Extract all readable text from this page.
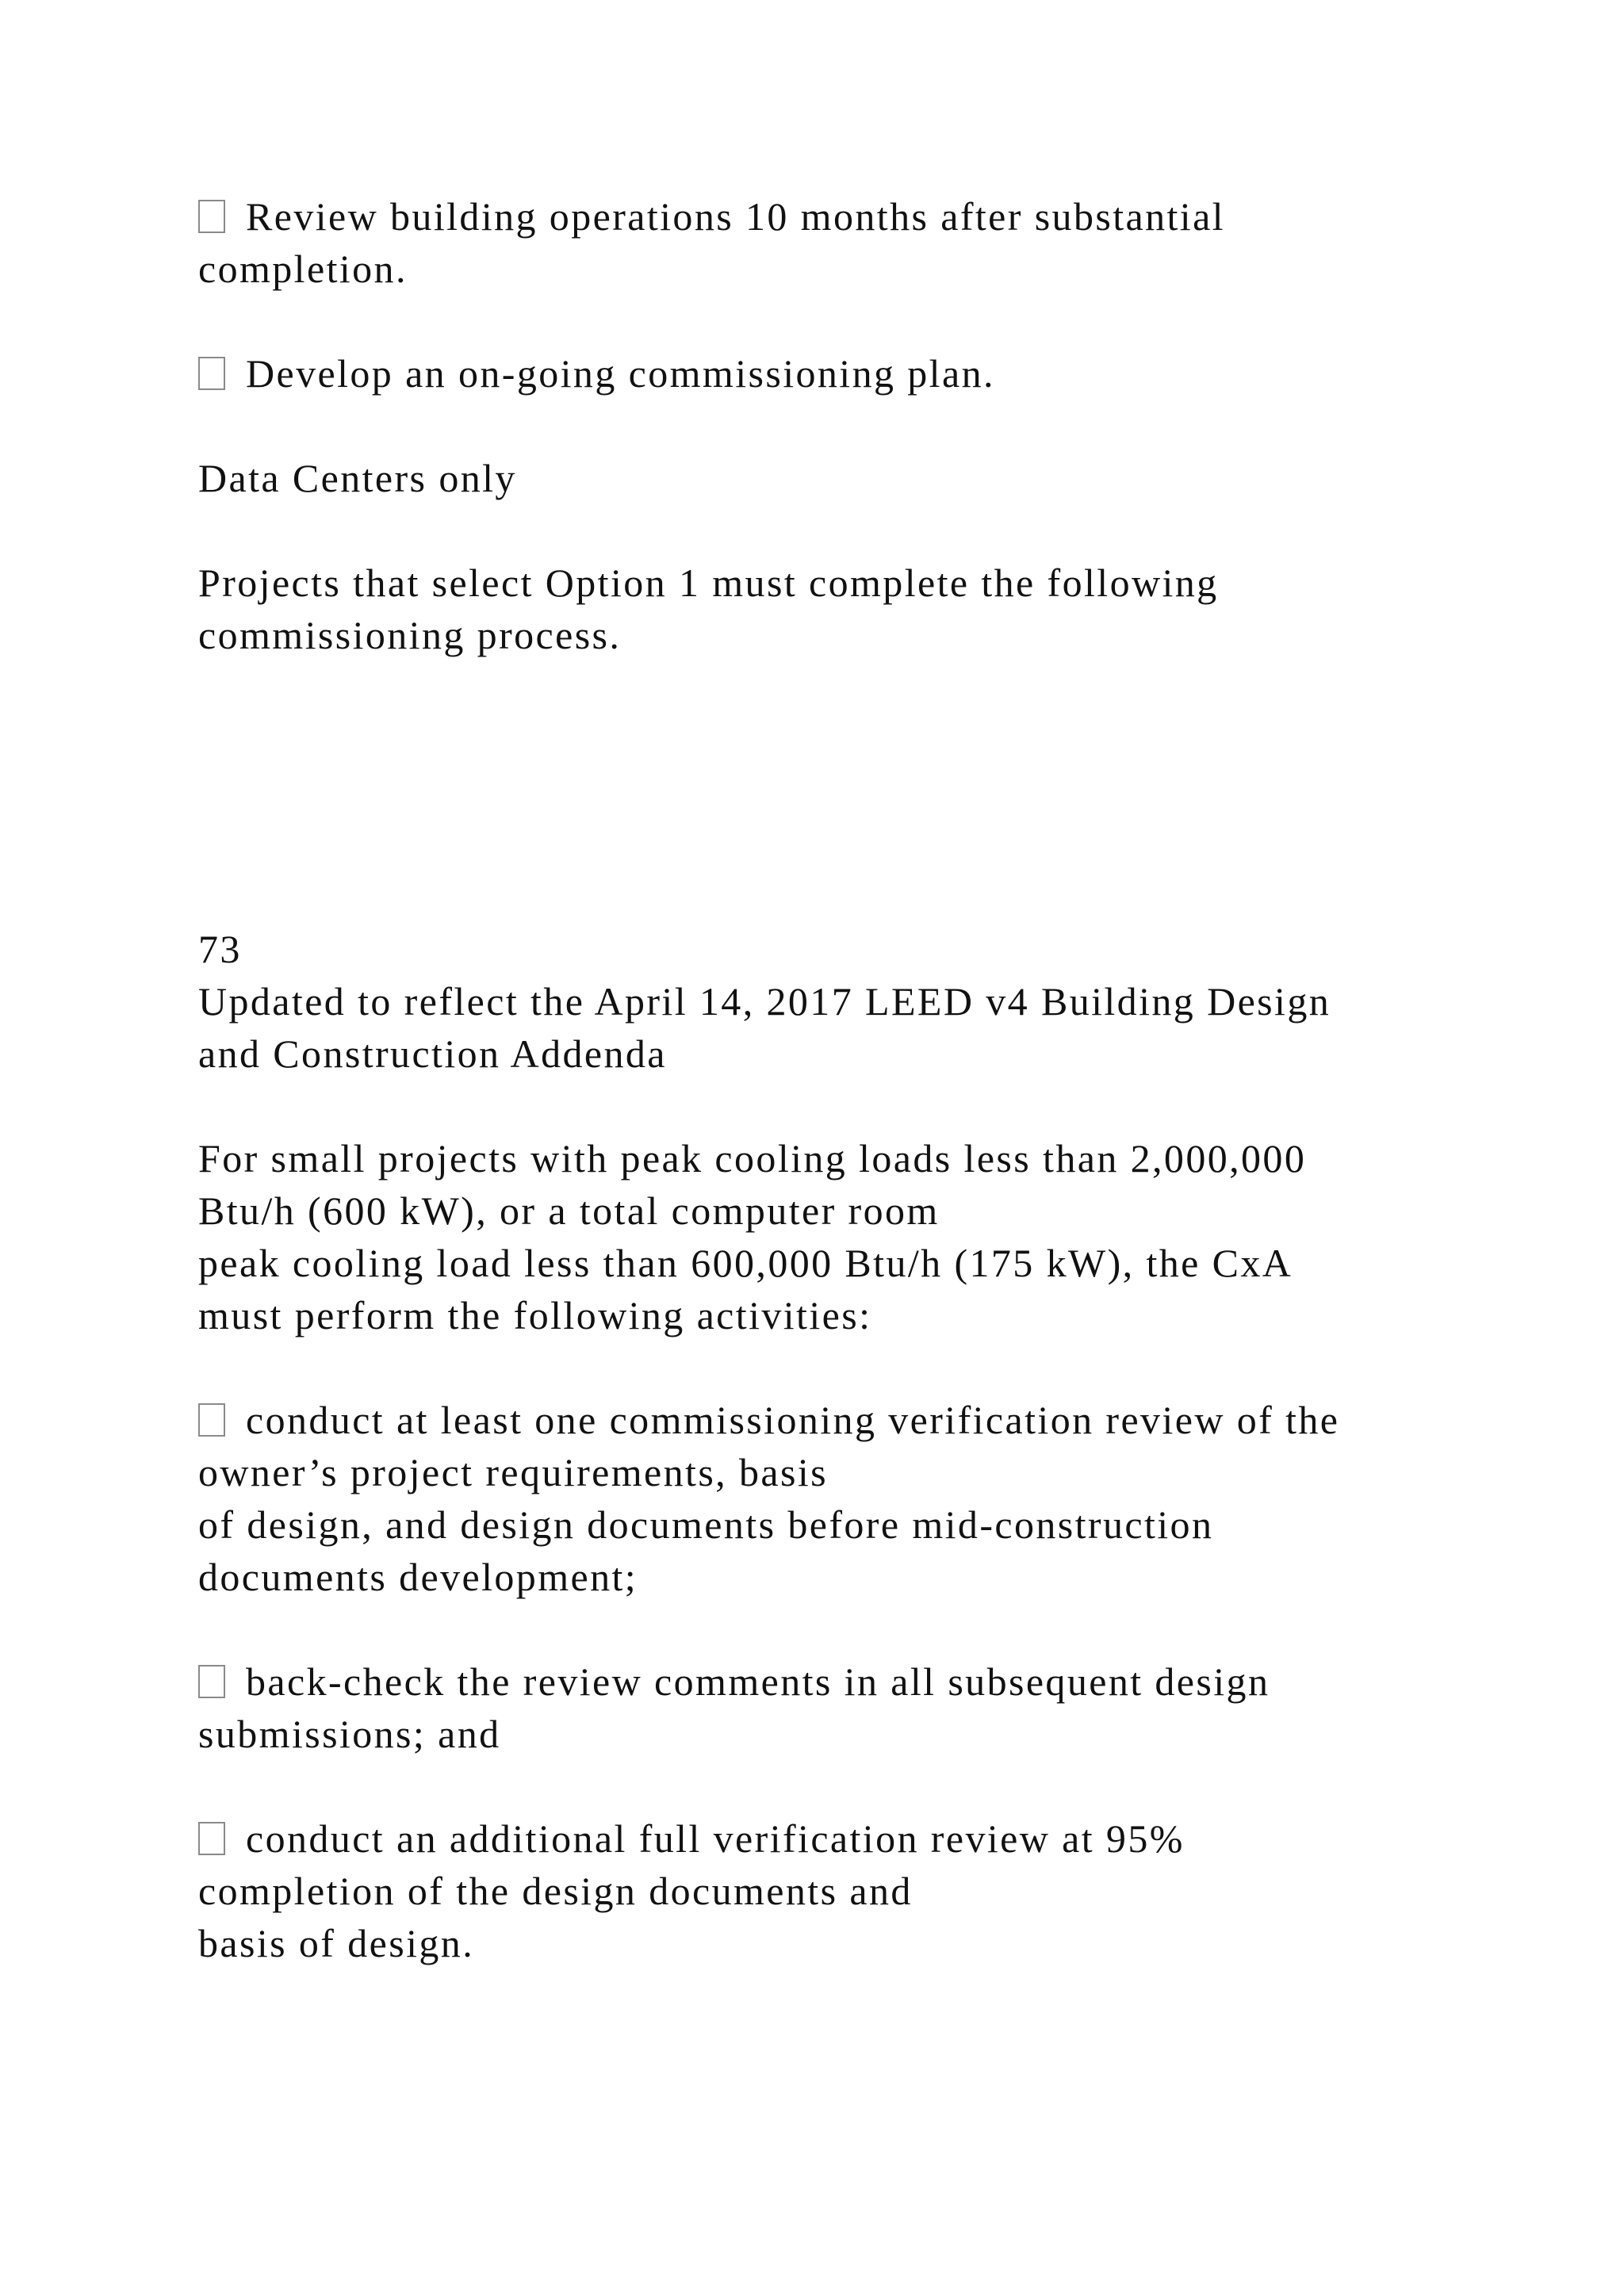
Review building operations 10 months after substantial
completion.
Develop an on-going commissioning plan.
Data Centers only
Projects that select Option 1 must complete the following
commissioning process.
73
Updated to reflect the April 14, 2017 LEED v4 Building Design
and Construction Addenda
For small projects with peak cooling loads less than 2,000,000
Btu/h (600 kW), or a total computer room
peak cooling load less than 600,000 Btu/h (175 kW), the CxA
must perform the following activities:
conduct at least one commissioning verification review of the
owner’s project requirements, basis
of design, and design documents before mid-construction
documents development;
back-check the review comments in all subsequent design
submissions; and
conduct an additional full verification review at 95%
completion of the design documents and
basis of design.
